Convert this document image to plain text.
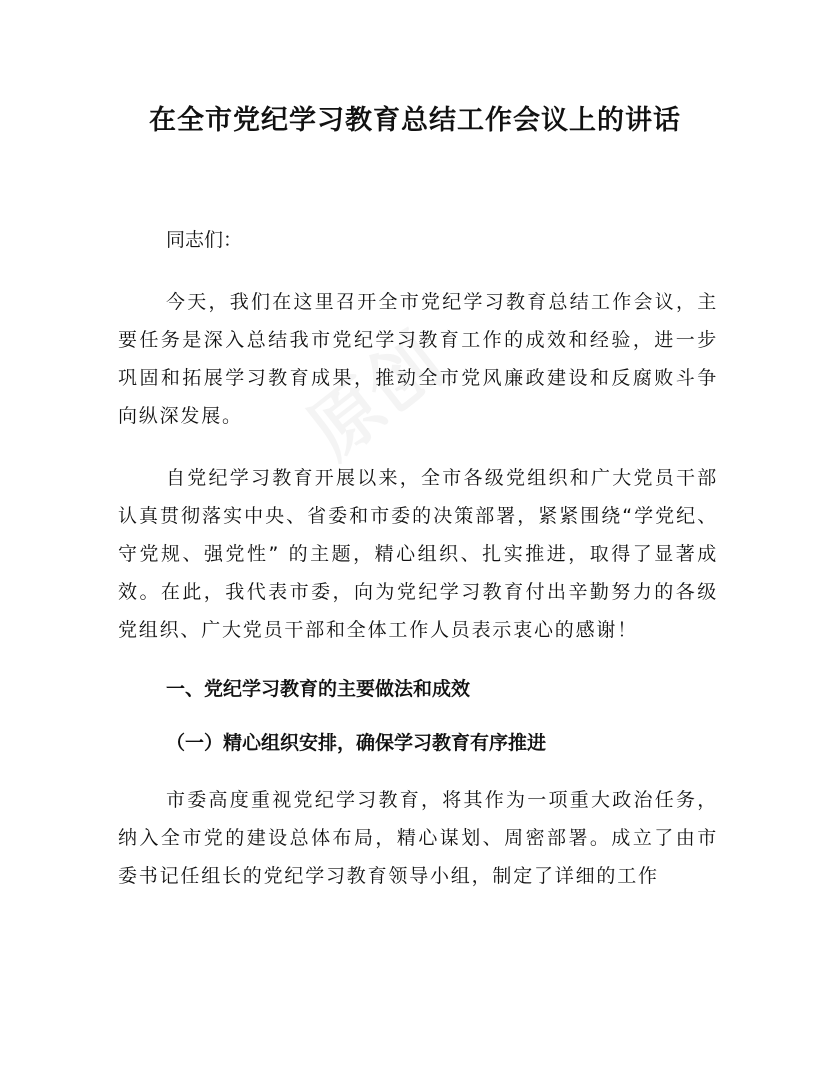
在全市党纪学习教育总结工作会议上的讲话
同志们：

今天，我们在这里召开全市党纪学习教育总结工作会议，主要任务是深入总结我市党纪学习教育工作的成效和经验，进一步巩固和拓展学习教育成果，推动全市党风廉政建设和反腐败斗争向纵深发展。

自党纪学习教育开展以来，全市各级党组织和广大党员干部认真贯彻落实中央、省委和市委的决策部署，紧紧围绕“学党纪、守党规、强党性” 的主题，精心组织、扎实推进，取得了显著成效。在此，我代表市委，向为党纪学习教育付出辛勤努力的各级党组织、广大党员干部和全体工作人员表示衷心的感谢！

一、党纪学习教育的主要做法和成效
（一）精心组织安排，确保学习教育有序推进

市委高度重视党纪学习教育，将其作为一项重大政治任务，纳入全市党的建设总体布局，精心谋划、周密部署。成立了由市委书记任组长的党纪学习教育领导小组，制定了详细的工作
